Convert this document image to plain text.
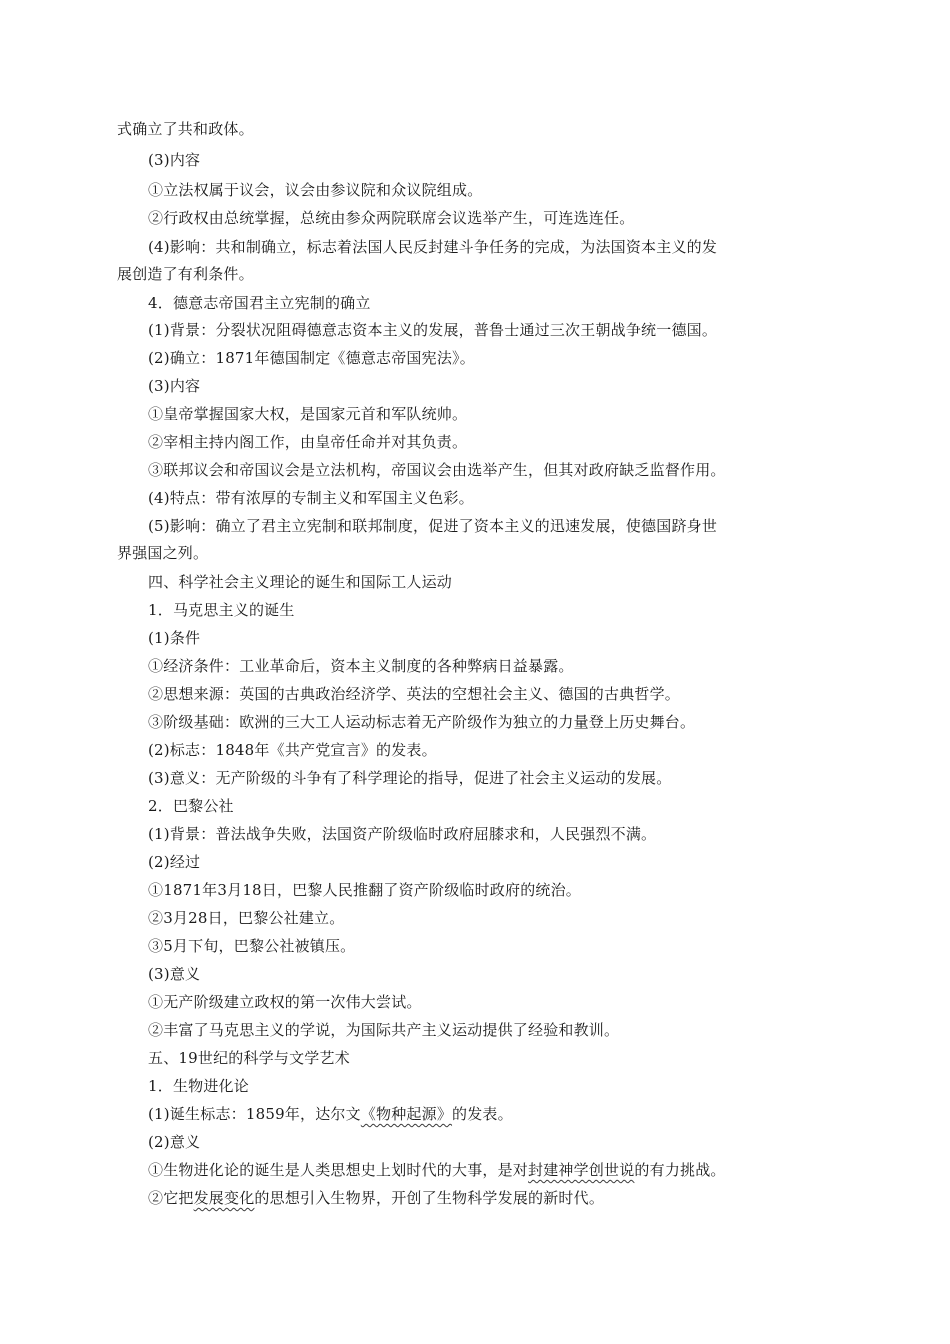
式确立了共和政体。
(3)内容
①立法权属于议会，议会由参议院和众议院组成。
②行政权由总统掌握，总统由参众两院联席会议选举产生，可连选连任。
(4)影响：共和制确立，标志着法国人民反封建斗争任务的完成，为法国资本主义的发
展创造了有利条件。
4．德意志帝国君主立宪制的确立
(1)背景：分裂状况阻碍德意志资本主义的发展，普鲁士通过三次王朝战争统一德国。
(2)确立：1871年德国制定《德意志帝国宪法》。
(3)内容
①皇帝掌握国家大权，是国家元首和军队统帅。
②宰相主持内阁工作，由皇帝任命并对其负责。
③联邦议会和帝国议会是立法机构，帝国议会由选举产生，但其对政府缺乏监督作用。
(4)特点：带有浓厚的专制主义和军国主义色彩。
(5)影响：确立了君主立宪制和联邦制度，促进了资本主义的迅速发展，使德国跻身世
界强国之列。
四、科学社会主义理论的诞生和国际工人运动
1．马克思主义的诞生
(1)条件
①经济条件：工业革命后，资本主义制度的各种弊病日益暴露。
②思想来源：英国的古典政治经济学、英法的空想社会主义、德国的古典哲学。
③阶级基础：欧洲的三大工人运动标志着无产阶级作为独立的力量登上历史舞台。
(2)标志：1848年《共产党宣言》的发表。
(3)意义：无产阶级的斗争有了科学理论的指导，促进了社会主义运动的发展。
2．巴黎公社
(1)背景：普法战争失败，法国资产阶级临时政府屈膝求和，人民强烈不满。
(2)经过
①1871年3月18日，巴黎人民推翻了资产阶级临时政府的统治。
②3月28日，巴黎公社建立。
③5月下旬，巴黎公社被镇压。
(3)意义
①无产阶级建立政权的第一次伟大尝试。
②丰富了马克思主义的学说，为国际共产主义运动提供了经验和教训。
五、19世纪的科学与文学艺术
1．生物进化论
(1)诞生标志：1859年，达尔文《物种起源》的发表。
(2)意义
①生物进化论的诞生是人类思想史上划时代的大事，是对封建神学创世说的有力挑战。
②它把发展变化的思想引入生物界，开创了生物科学发展的新时代。
